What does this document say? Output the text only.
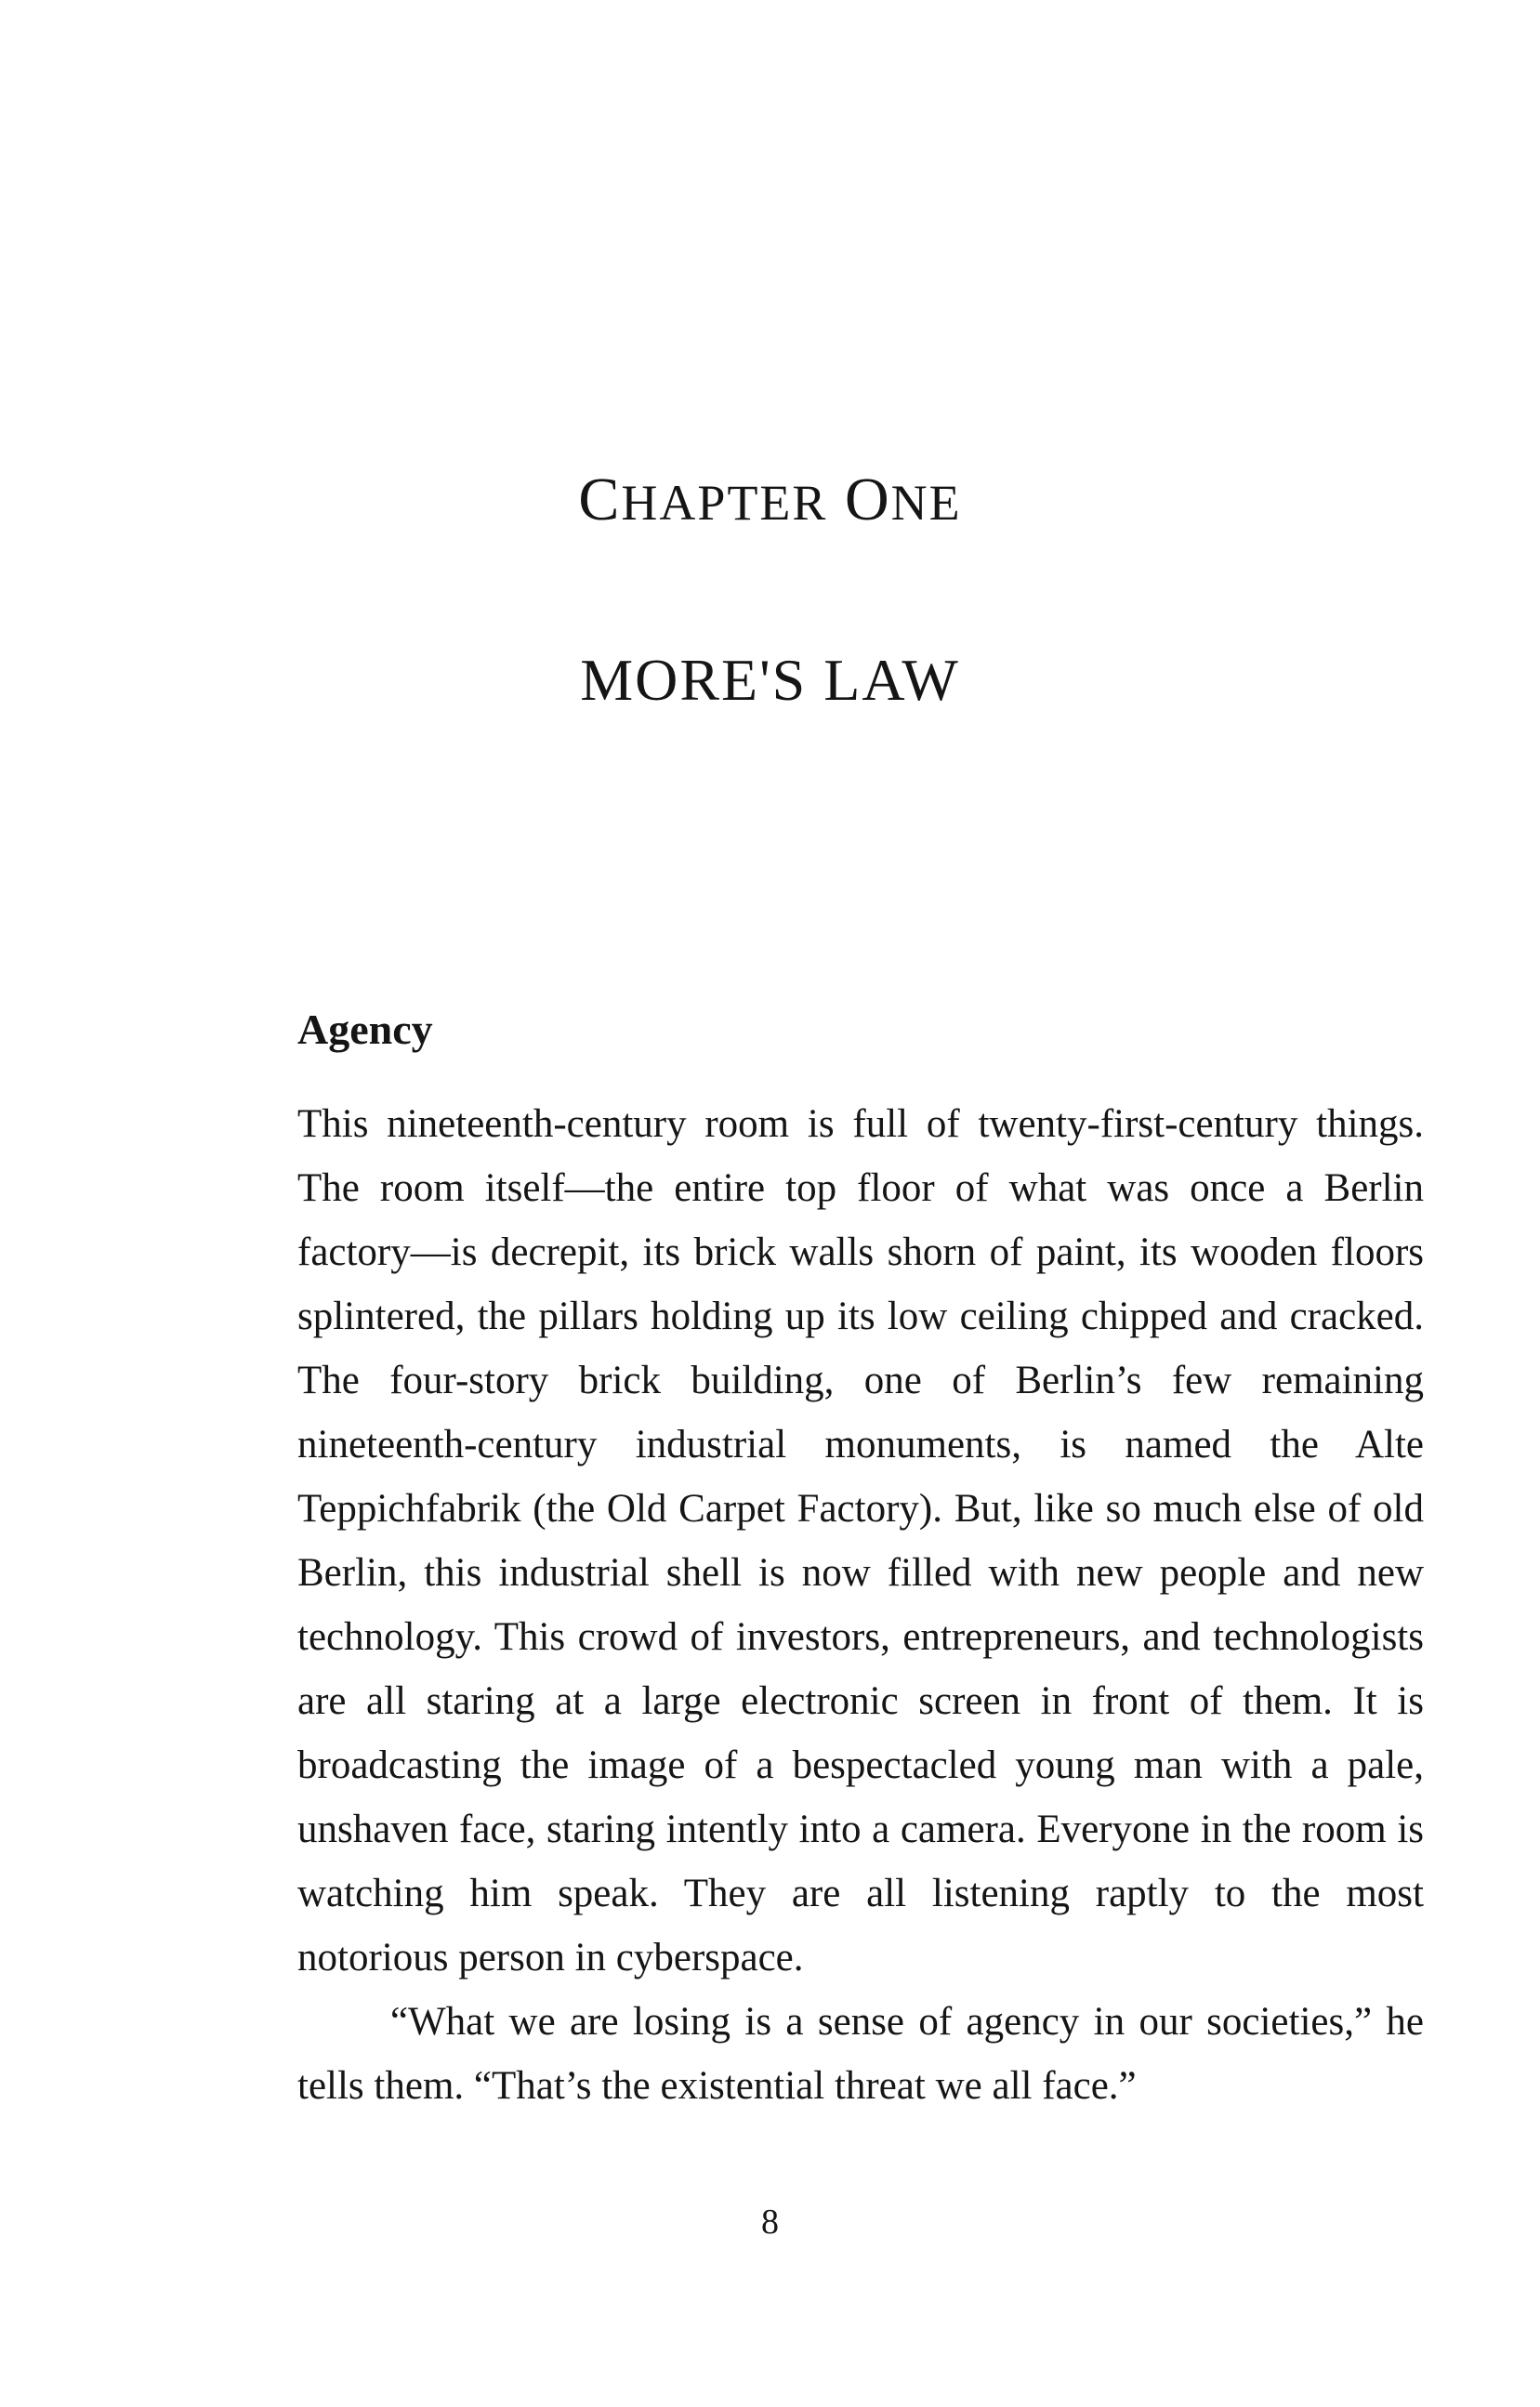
CHAPTER ONE
MORE'S LAW
Agency

This nineteenth-century room is full of twenty-first-century things. The room itself—the entire top floor of what was once a Berlin factory—is decrepit, its brick walls shorn of paint, its wooden floors splintered, the pillars holding up its low ceiling chipped and cracked. The four-story brick building, one of Berlin’s few remaining nineteenth-century industrial monuments, is named the Alte Teppichfabrik (the Old Carpet Factory). But, like so much else of old Berlin, this industrial shell is now filled with new people and new technology. This crowd of investors, entrepreneurs, and technologists are all staring at a large electronic screen in front of them. It is broadcasting the image of a bespectacled young man with a pale, unshaven face, staring intently into a camera. Everyone in the room is watching him speak. They are all listening raptly to the most notorious person in cyberspace.

“What we are losing is a sense of agency in our societies,” he tells them. “That’s the existential threat we all face.”

8
